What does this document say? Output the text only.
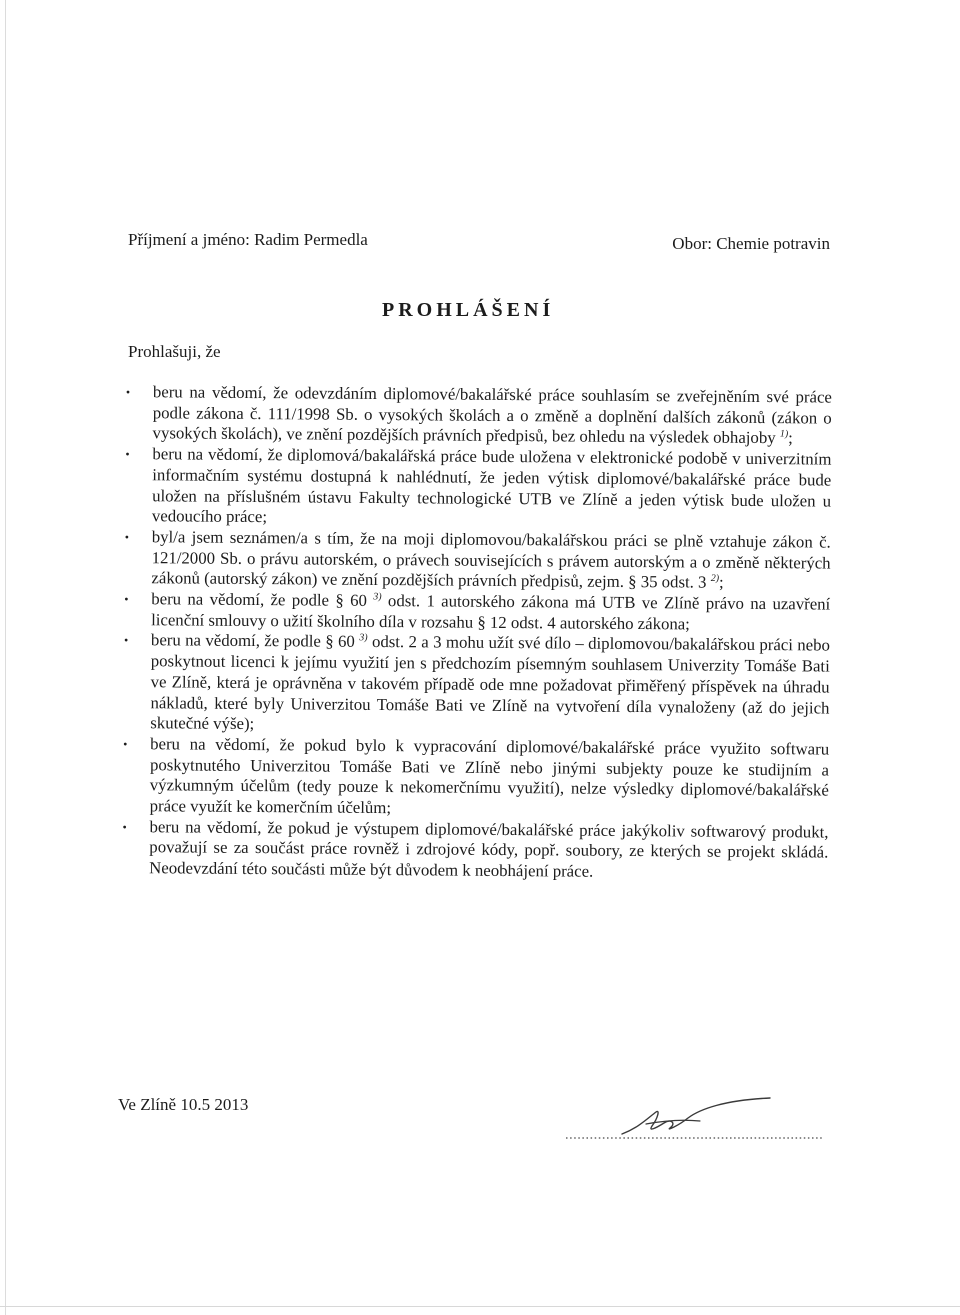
Příjmení a jméno: Radim Permedla	Obor: Chemie potravin
PROHLÁŠENÍ
Prohlašuji, že
• beru na vědomí, že odevzdáním diplomové/bakalářské práce souhlasím se zveřejněním své práce podle zákona č. 111/1998 Sb. o vysokých školách a o změně a doplnění dalších zákonů (zákon o vysokých školách), ve znění pozdějších právních předpisů, bez ohledu na výsledek obhajoby $^{1)}$;
• beru na vědomí, že diplomová/bakalářská práce bude uložena v elektronické podobě v univerzitním informačním systému dostupná k nahlédnutí, že jeden výtisk diplomové/bakalářské práce bude uložen na příslušném ústavu Fakulty technologické UTB ve Zlíně a jeden výtisk bude uložen u vedoucího práce;
• byl/a jsem seznámen/a s tím, že na moji diplomovou/bakalářskou práci se plně vztahuje zákon č. 121/2000 Sb. o právu autorském, o právech souvisejících s právem autorským a o změně některých zákonů (autorský zákon) ve znění pozdějších právních předpisů, zejm. § 35 odst. 3 $^{2)}$;
• beru na vědomí, že podle § 60 $^{3)}$ odst. 1 autorského zákona má UTB ve Zlíně právo na uzavření licenční smlouvy o užití školního díla v rozsahu § 12 odst. 4 autorského zákona;
• beru na vědomí, že podle § 60 $^{3)}$ odst. 2 a 3 mohu užít své dílo – diplomovou/bakalářskou práci nebo poskytnout licenci k jejímu využití jen s předchozím písemným souhlasem Univerzity Tomáše Bati ve Zlíně, která je oprávněna v takovém případě ode mne požadovat přiměřený příspěvek na úhradu nákladů, které byly Univerzitou Tomáše Bati ve Zlíně na vytvoření díla vynaloženy (až do jejich skutečné výše);
• beru na vědomí, že pokud bylo k vypracování diplomové/bakalářské práce využito softwaru poskytnutého Univerzitou Tomáše Bati ve Zlíně nebo jinými subjekty pouze ke studijním a výzkumným účelům (tedy pouze k nekomerčnímu využití), nelze výsledky diplomové/bakalářské práce využít ke komerčním účelům;
• beru na vědomí, že pokud je výstupem diplomové/bakalářské práce jakýkoliv softwarový produkt, považují se za součást práce rovněž i zdrojové kódy, popř. soubory, ze kterých se projekt skládá. Neodevzdání této součásti může být důvodem k neobhájení práce.
Ve Zlíně 10.5 2013
